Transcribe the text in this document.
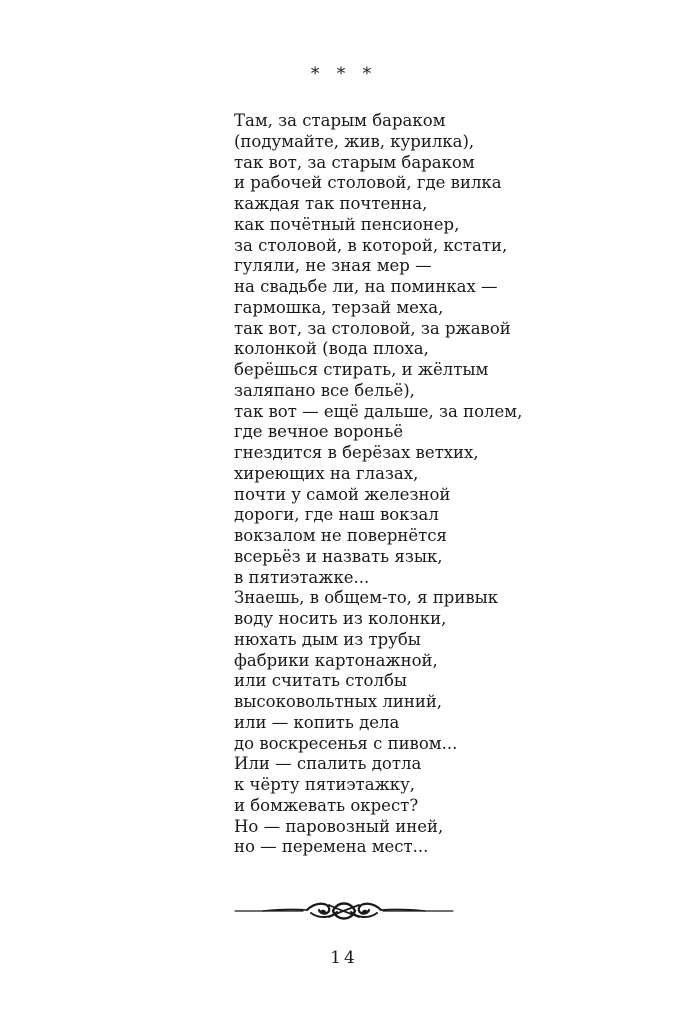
* * *
Там, за старым бараком
(подумайте, жив, курилка),
так вот, за старым бараком
и рабочей столовой, где вилка
каждая так почтенна,
как почётный пенсионер,
за столовой, в которой, кстати,
гуляли, не зная мер —
на свадьбе ли, на поминках —
гармошка, терзай меха,
так вот, за столовой, за ржавой
колонкой (вода плоха,
берёшься стирать, и жёлтым
заляпано все бельё),
так вот — ещё дальше, за полем,
где вечное вороньё
гнездится в берёзах ветхих,
хиреющих на глазах,
почти у самой железной
дороги, где наш вокзал
вокзалом не повернётся
всерьёз и назвать язык,
в пятиэтажке...
Знаешь, в общем-то, я привык
воду носить из колонки,
нюхать дым из трубы
фабрики картонажной,
или считать столбы
высоковольтных линий,
или — копить дела
до воскресенья с пивом...
Или — спалить дотла
к чёрту пятиэтажку,
и бомжевать окрест?
Но — паровозный иней,
но — перемена мест...
14
